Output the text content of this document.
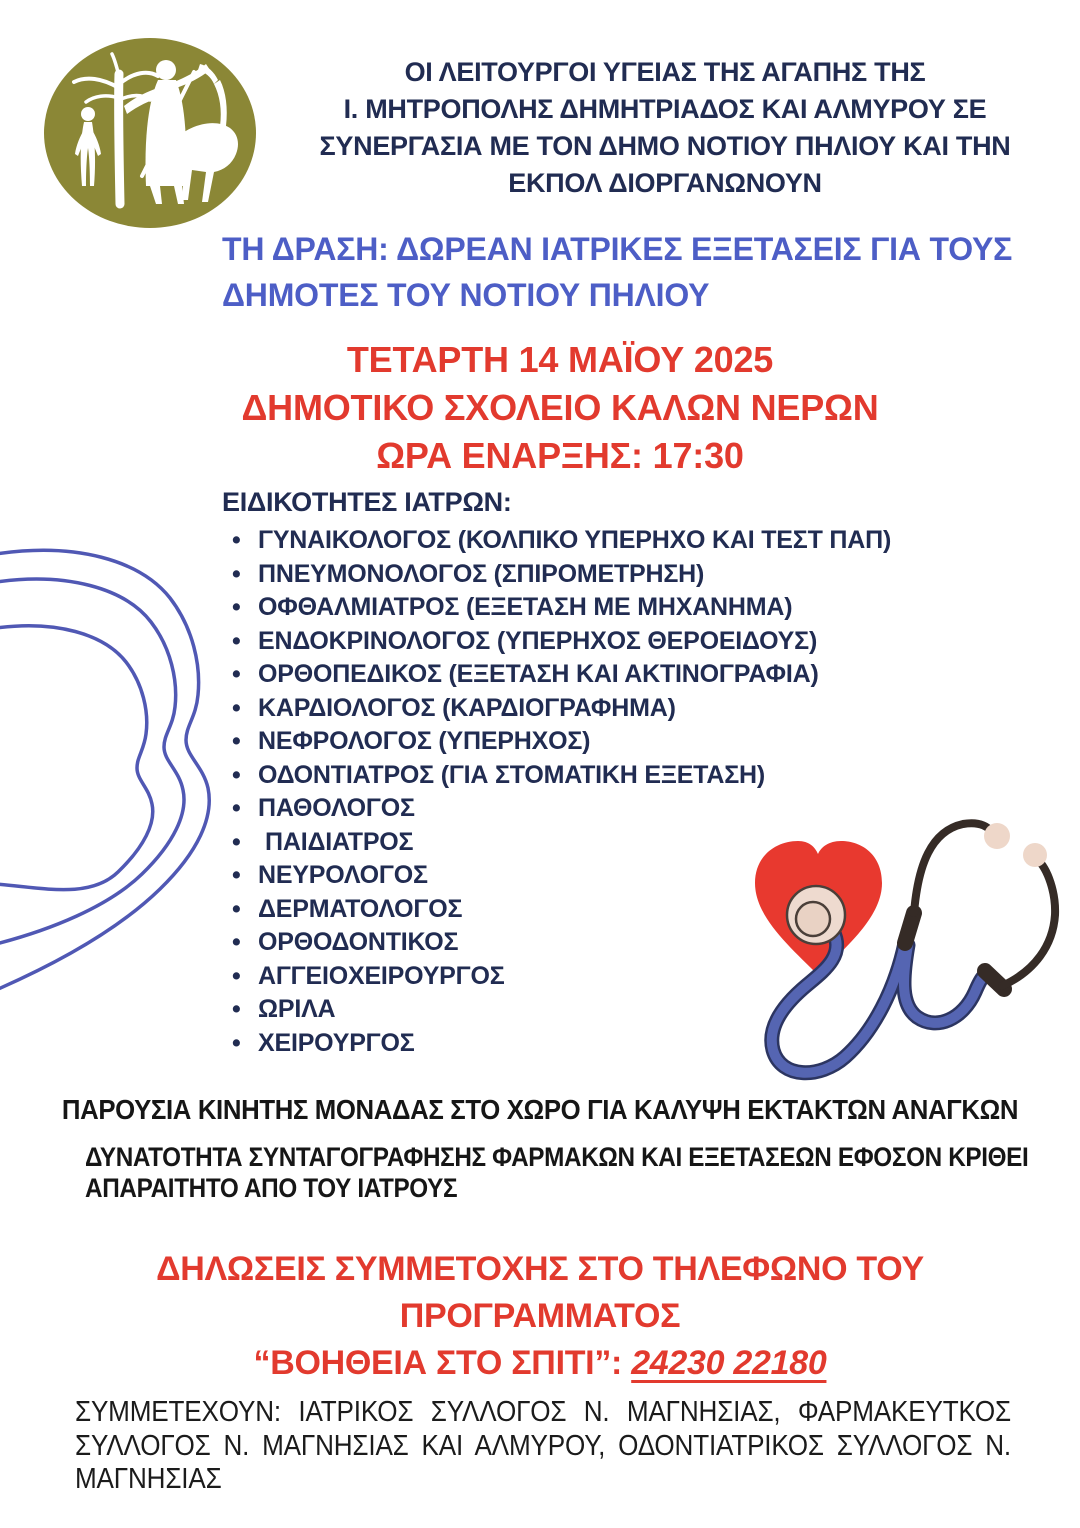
ΟΙ ΛΕΙΤΟΥΡΓΟΙ ΥΓΕΙΑΣ ΤΗΣ ΑΓΑΠΗΣ ΤΗΣ
Ι. ΜΗΤΡΟΠΟΛΗΣ ΔΗΜΗΤΡΙΑΔΟΣ ΚΑΙ ΑΛΜΥΡΟΥ ΣΕ
ΣΥΝΕΡΓΑΣΙΑ ΜΕ ΤΟΝ ΔΗΜΟ ΝΟΤΙΟΥ ΠΗΛΙΟΥ ΚΑΙ ΤΗΝ
ΕΚΠΟΛ ΔΙΟΡΓΑΝΩΝΟΥΝ
ΤΗ ΔΡΑΣΗ: ΔΩΡΕΑΝ ΙΑΤΡΙΚΕΣ ΕΞΕΤΑΣΕΙΣ ΓΙΑ ΤΟΥΣ
ΔΗΜΟΤΕΣ ΤΟΥ ΝΟΤΙΟΥ ΠΗΛΙΟΥ
ΤΕΤΑΡΤΗ 14 ΜΑΪΟΥ 2025
ΔΗΜΟΤΙΚΟ ΣΧΟΛΕΙΟ ΚΑΛΩΝ ΝΕΡΩΝ
ΩΡΑ ΕΝΑΡΞΗΣ: 17:30
ΕΙΔΙΚΟΤΗΤΕΣ ΙΑΤΡΩΝ:
• ΓΥΝΑΙΚΟΛΟΓΟΣ (ΚΟΛΠΙΚΟ ΥΠΕΡΗΧΟ ΚΑΙ ΤΕΣΤ ΠΑΠ)
• ΠΝΕΥΜΟΝΟΛΟΓΟΣ (ΣΠΙΡΟΜΕΤΡΗΣΗ)
• ΟΦΘΑΛΜΙΑΤΡΟΣ (ΕΞΕΤΑΣΗ ΜΕ ΜΗΧΑΝΗΜΑ)
• ΕΝΔΟΚΡΙΝΟΛΟΓΟΣ (ΥΠΕΡΗΧΟΣ ΘΕΡΟΕΙΔΟΥΣ)
• ΟΡΘΟΠΕΔΙΚΟΣ (ΕΞΕΤΑΣΗ ΚΑΙ ΑΚΤΙΝΟΓΡΑΦΙΑ)
• ΚΑΡΔΙΟΛΟΓΟΣ (ΚΑΡΔΙΟΓΡΑΦΗΜΑ)
• ΝΕΦΡΟΛΟΓΟΣ (ΥΠΕΡΗΧΟΣ)
• ΟΔΟΝΤΙΑΤΡΟΣ (ΓΙΑ ΣΤΟΜΑΤΙΚΗ ΕΞΕΤΑΣΗ)
• ΠΑΘΟΛΟΓΟΣ
• ΠΑΙΔΙΑΤΡΟΣ
• ΝΕΥΡΟΛΟΓΟΣ
• ΔΕΡΜΑΤΟΛΟΓΟΣ
• ΟΡΘΟΔΟΝΤΙΚΟΣ
• ΑΓΓΕΙΟΧΕΙΡΟΥΡΓΟΣ
• ΩΡΙΛΑ
• ΧΕΙΡΟΥΡΓΟΣ
ΠΑΡΟΥΣΙΑ ΚΙΝΗΤΗΣ ΜΟΝΑΔΑΣ ΣΤΟ ΧΩΡΟ ΓΙΑ ΚΑΛΥΨΗ ΕΚΤΑΚΤΩΝ ΑΝΑΓΚΩΝ
ΔΥΝΑΤΟΤΗΤΑ ΣΥΝΤΑΓΟΓΡΑΦΗΣΗΣ ΦΑΡΜΑΚΩΝ ΚΑΙ ΕΞΕΤΑΣΕΩΝ ΕΦΟΣΟΝ ΚΡΙΘΕΙ
ΑΠΑΡΑΙΤΗΤΟ ΑΠΟ ΤΟΥ ΙΑΤΡΟΥΣ
ΔΗΛΩΣΕΙΣ ΣΥΜΜΕΤΟΧΗΣ ΣΤΟ ΤΗΛΕΦΩΝΟ ΤΟΥ ΠΡΟΓΡΑΜΜΑΤΟΣ
“ΒΟΗΘΕΙΑ ΣΤΟ ΣΠΙΤΙ”: 24230 22180
ΣΥΜΜΕΤΕΧΟΥΝ: ΙΑΤΡΙΚΟΣ ΣΥΛΛΟΓΟΣ Ν. ΜΑΓΝΗΣΙΑΣ, ΦΑΡΜΑΚΕΥΤΚΟΣ ΣΥΛΛΟΓΟΣ Ν. ΜΑΓΝΗΣΙΑΣ ΚΑΙ ΑΛΜΥΡΟΥ, ΟΔΟΝΤΙΑΤΡΙΚΟΣ ΣΥΛΛΟΓΟΣ Ν. ΜΑΓΝΗΣΙΑΣ
